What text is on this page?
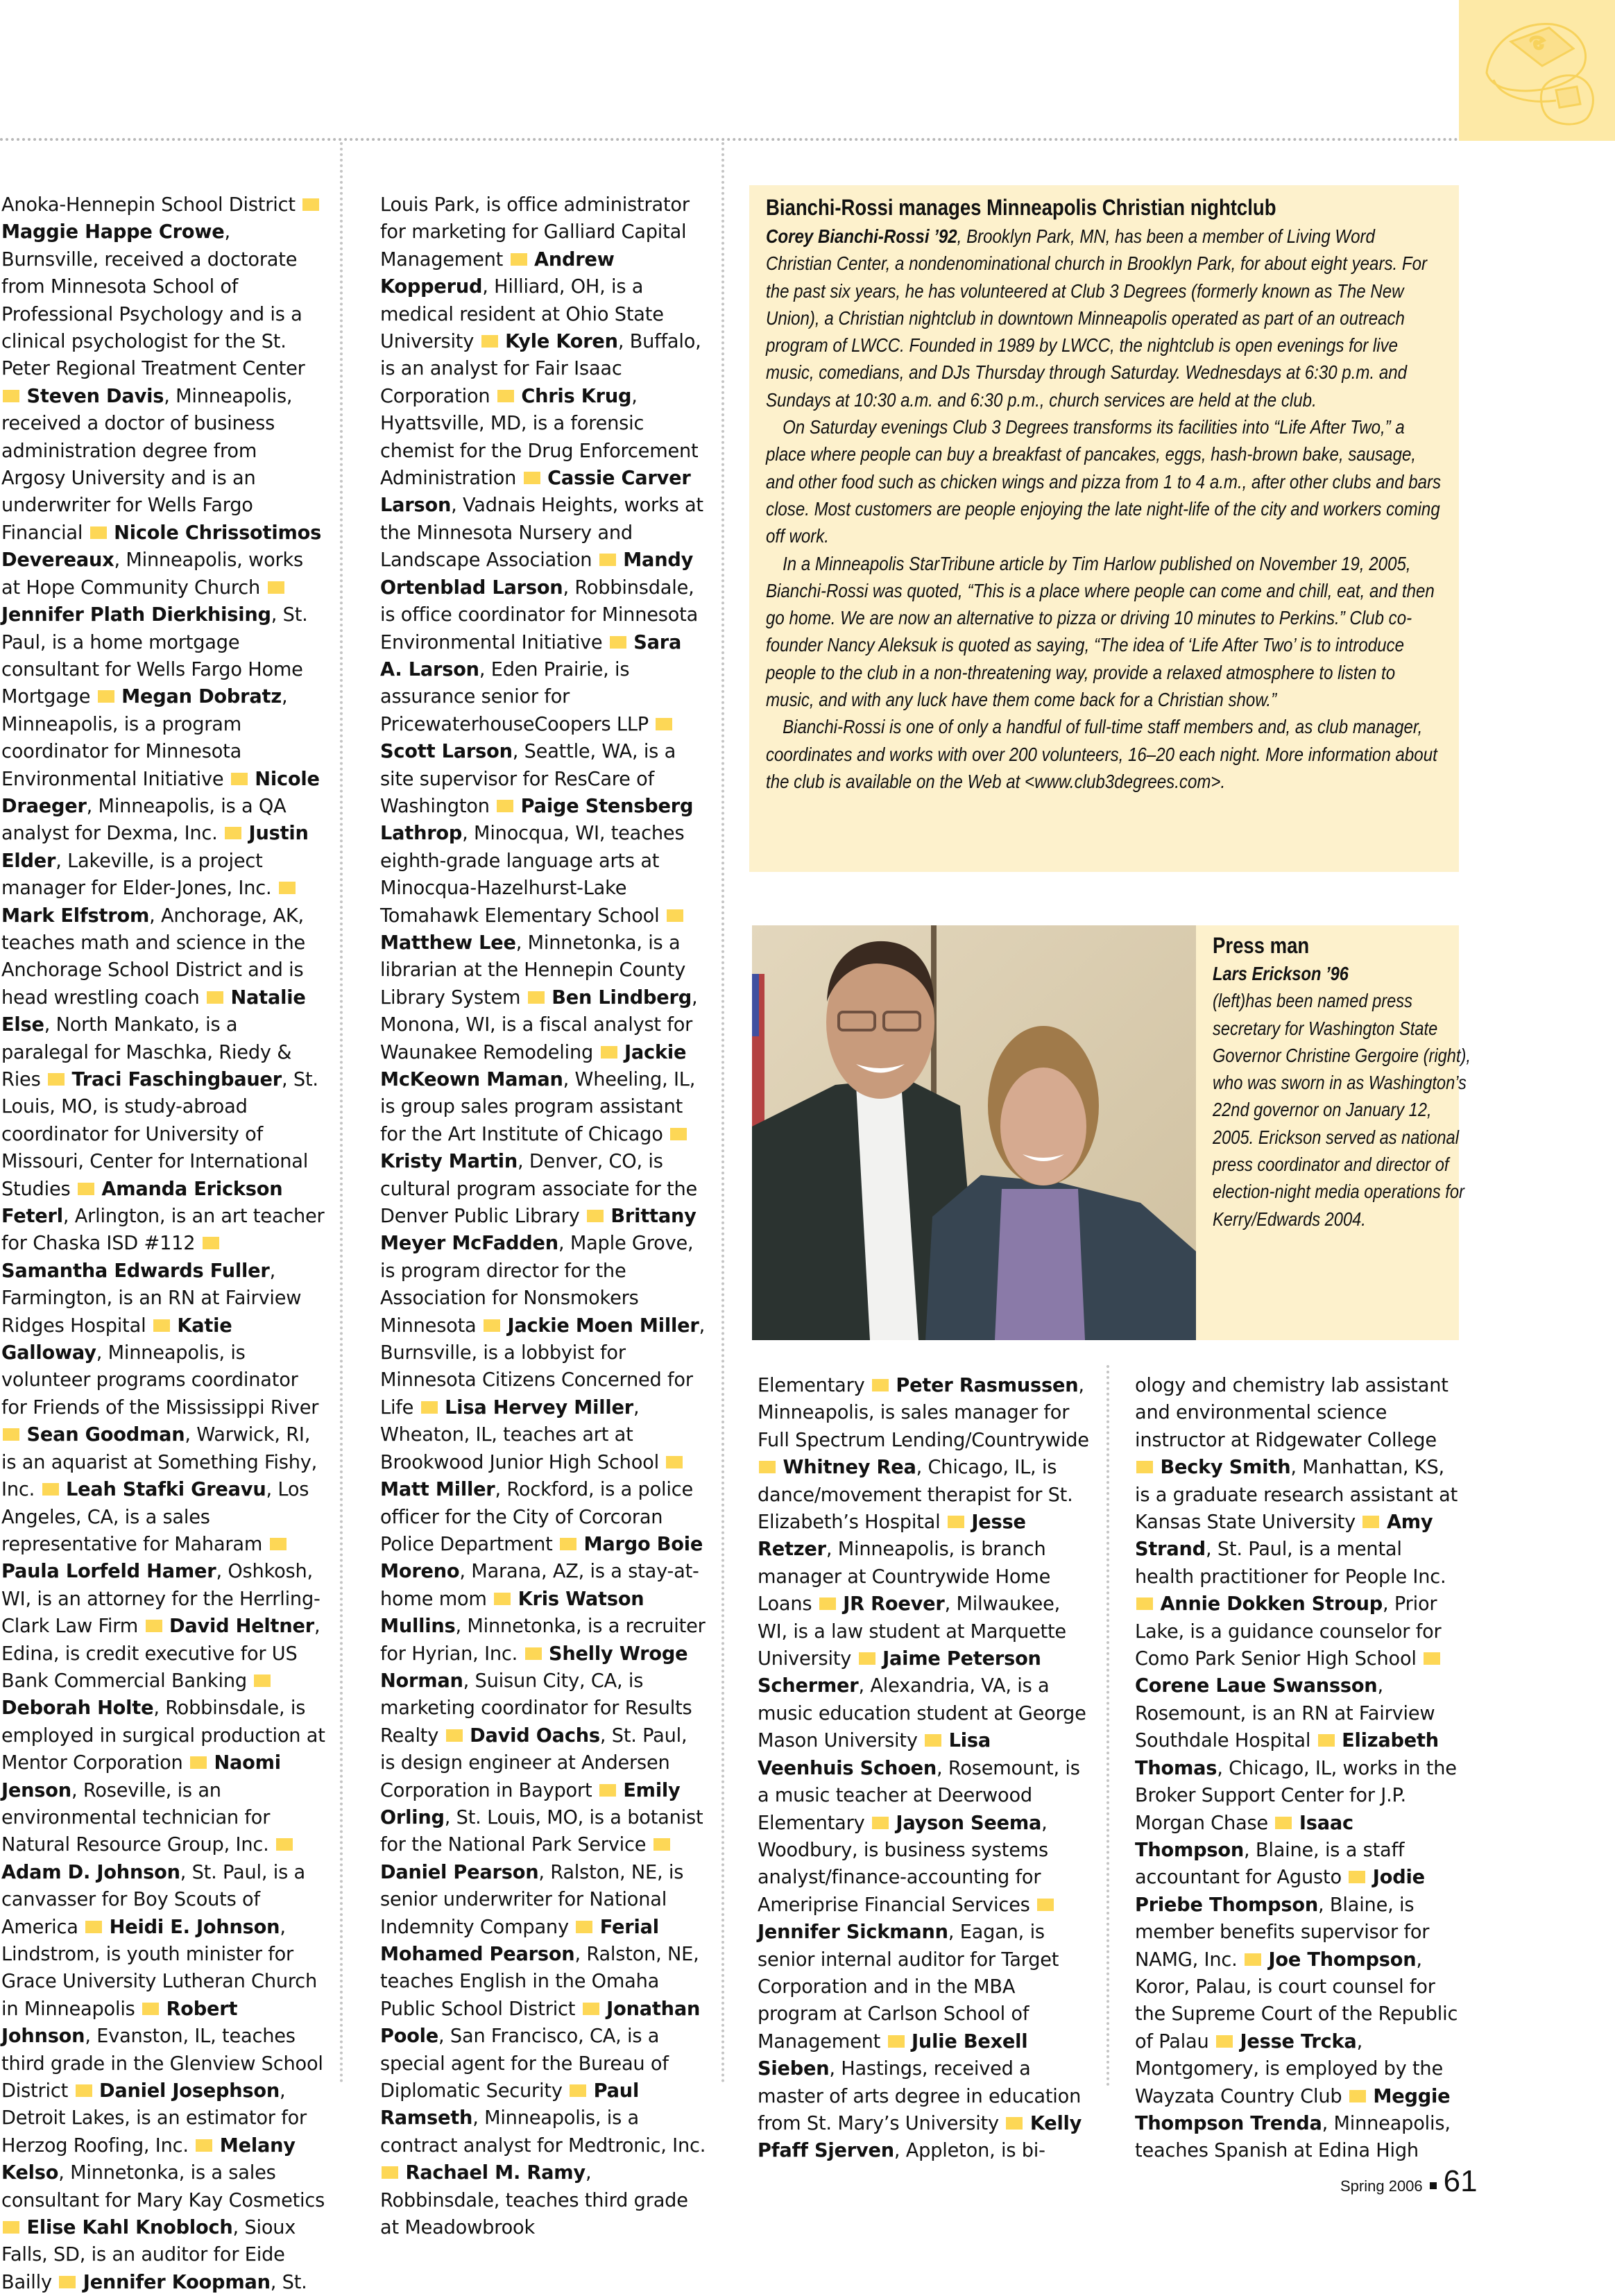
Anoka-Hennepin School District  Maggie Happe Crowe, Burnsville, received a doctorate from Minnesota School of Professional Psychology and is a clinical psychologist for the St. Peter Regional Treatment Center  Steven Davis, Minneapolis, received a doctor of business administration degree from Argosy University and is an underwriter for Wells Fargo Financial Nicole Chrissotimos Devereaux, Minneapolis, works at Hope Community Church  Jennifer Plath Dierkhising, St. Paul, is a home mortgage consultant for Wells Fargo Home Mortgage Megan Dobratz, Minneapolis, is a program coordinator for Minnesota Environmental Initiative Nicole Draeger, Minneapolis, is a QA analyst for Dexma, Inc. Justin Elder, Lakeville, is a project manager for Elder-Jones, Inc.  Mark Elfstrom, Anchorage, AK, teaches math and science in the Anchorage School District and is head wrestling coach Natalie Else, North Mankato, is a paralegal for Maschka, Riedy & Ries Traci Faschingbauer, St. Louis, MO, is study-abroad coordinator for University of Missouri, Center for International Studies Amanda Erickson Feterl, Arlington, is an art teacher for Chaska ISD #112  Samantha Edwards Fuller, Farmington, is an RN at Fairview Ridges Hospital Katie Galloway, Minneapolis, is volunteer programs coordinator for Friends of the Mississippi River  Sean Goodman, Warwick, RI, is an aquarist at Something Fishy, Inc. Leah Stafki Greavu, Los Angeles, CA, is a sales representative for Maharam  Paula Lorfeld Hamer, Oshkosh, WI, is an attorney for the Herrling-Clark Law Firm David Heltner, Edina, is credit executive for US Bank Commercial Banking  Deborah Holte, Robbinsdale, is employed in surgical production at Mentor Corporation Naomi Jenson, Roseville, is an environmental technician for Natural Resource Group, Inc.  Adam D. Johnson, St. Paul, is a canvasser for Boy Scouts of America Heidi E. Johnson, Lindstrom, is youth minister for Grace University Lutheran Church in Minneapolis Robert Johnson, Evanston, IL, teaches third grade in the Glenview School District Daniel Josephson, Detroit Lakes, is an estimator for Herzog Roofing, Inc. Melany Kelso, Minnetonka, is a sales consultant for Mary Kay Cosmetics  Elise Kahl Knobloch, Sioux Falls, SD, is an auditor for Eide Bailly Jennifer Koopman, St.

Louis Park, is office administrator for marketing for Galliard Capital Management Andrew Kopperud, Hilliard, OH, is a medical resident at Ohio State University Kyle Koren, Buffalo, is an analyst for Fair Isaac Corporation Chris Krug, Hyattsville, MD, is a forensic chemist for the Drug Enforcement Administration Cassie Carver Larson, Vadnais Heights, works at the Minnesota Nursery and Landscape Association Mandy Ortenblad Larson, Robbinsdale, is office coordinator for Minnesota Environmental Initiative Sara A. Larson, Eden Prairie, is assurance senior for PricewaterhouseCoopers LLP  Scott Larson, Seattle, WA, is a site supervisor for ResCare of Washington Paige Stensberg Lathrop, Minocqua, WI, teaches eighth-grade language arts at Minocqua-Hazelhurst-Lake Tomahawk Elementary School  Matthew Lee, Minnetonka, is a librarian at the Hennepin County Library System Ben Lindberg, Monona, WI, is a fiscal analyst for Waunakee Remodeling Jackie McKeown Maman, Wheeling, IL, is group sales program assistant for the Art Institute of Chicago  Kristy Martin, Denver, CO, is cultural program associate for the Denver Public Library Brittany Meyer McFadden, Maple Grove, is program director for the Association for Nonsmokers Minnesota Jackie Moen Miller, Burnsville, is a lobbyist for Minnesota Citizens Concerned for Life Lisa Hervey Miller, Wheaton, IL, teaches art at Brookwood Junior High School  Matt Miller, Rockford, is a police officer for the City of Corcoran Police Department Margo Boie Moreno, Marana, AZ, is a stay-at-home mom Kris Watson Mullins, Minnetonka, is a recruiter for Hyrian, Inc. Shelly Wroge Norman, Suisun City, CA, is marketing coordinator for Results Realty David Oachs, St. Paul, is design engineer at Andersen Corporation in Bayport Emily Orling, St. Louis, MO, is a botanist for the National Park Service  Daniel Pearson, Ralston, NE, is senior underwriter for National Indemnity Company Ferial Mohamed Pearson, Ralston, NE, teaches English in the Omaha Public School District Jonathan Poole, San Francisco, CA, is a special agent for the Bureau of Diplomatic Security Paul Ramseth, Minneapolis, is a contract analyst for Medtronic, Inc.  Rachael M. Ramy, Robbinsdale, teaches third grade at Meadowbrook

Elementary Peter Rasmussen, Minneapolis, is sales manager for Full Spectrum Lending/Countrywide  Whitney Rea, Chicago, IL, is dance/movement therapist for St. Elizabeth’s Hospital Jesse Retzer, Minneapolis, is branch manager at Countrywide Home Loans JR Roever, Milwaukee, WI, is a law student at Marquette University Jaime Peterson Schermer, Alexandria, VA, is a music education student at George Mason University Lisa Veenhuis Schoen, Rosemount, is a music teacher at Deerwood Elementary Jayson Seema, Woodbury, is business systems analyst/finance-accounting for Ameriprise Financial Services  Jennifer Sickmann, Eagan, is senior internal auditor for Target Corporation and in the MBA program at Carlson School of Management Julie Bexell Sieben, Hastings, received a master of arts degree in education from St. Mary’s University Kelly Pfaff Sjerven, Appleton, is bi-

ology and chemistry lab assistant and environmental science instructor at Ridgewater College  Becky Smith, Manhattan, KS, is a graduate research assistant at Kansas State University Amy Strand, St. Paul, is a mental health practitioner for People Inc.  Annie Dokken Stroup, Prior Lake, is a guidance counselor for Como Park Senior High School  Corene Laue Swansson, Rosemount, is an RN at Fairview Southdale Hospital Elizabeth Thomas, Chicago, IL, works in the Broker Support Center for J.P. Morgan Chase Isaac Thompson, Blaine, is a staff accountant for Agusto Jodie Priebe Thompson, Blaine, is member benefits supervisor for NAMG, Inc. Joe Thompson, Koror, Palau, is court counsel for the Supreme Court of the Republic of Palau Jesse Trcka, Montgomery, is employed by the Wayzata Country Club Meggie Thompson Trenda, Minneapolis, teaches Spanish at Edina High

Bianchi-Rossi manages Minneapolis Christian nightclub

Corey Bianchi-Rossi ’92, Brooklyn Park, MN, has been a member of Living Word Christian Center, a nondenominational church in Brooklyn Park, for about eight years. For the past six years, he has volunteered at Club 3 Degrees (formerly known as The New Union), a Christian nightclub in downtown Minneapolis operated as part of an outreach program of LWCC. Founded in 1989 by LWCC, the nightclub is open evenings for live music, comedians, and DJs Thursday through Saturday. Wednesdays at 6:30 p.m. and Sundays at 10:30 a.m. and 6:30 p.m., church services are held at the club.

On Saturday evenings Club 3 Degrees transforms its facilities into “Life After Two,” a place where people can buy a breakfast of pancakes, eggs, hash-brown bake, sausage, and other food such as chicken wings and pizza from 1 to 4 a.m., after other clubs and bars close. Most customers are people enjoying the late night-life of the city and workers coming off work.

In a Minneapolis StarTribune article by Tim Harlow published on November 19, 2005, Bianchi-Rossi was quoted, “This is a place where people can come and chill, eat, and then go home. We are now an alternative to pizza or driving 10 minutes to Perkins.” Club co-founder Nancy Aleksuk is quoted as saying, “The idea of ‘Life After Two’ is to introduce people to the club in a non-threatening way, provide a relaxed atmosphere to listen to music, and with any luck have them come back for a Christian show.”

Bianchi-Rossi is one of only a handful of full-time staff members and, as club manager, coordinates and works with over 200 volunteers, 16–20 each night. More information about the club is available on the Web at <www.club3degrees.com>.

Press man
Lars Erickson ’96
(left)has been named press secretary for Washington State Governor Christine Gergoire (right), who was sworn in as Washington’s 22nd governor on January 12, 2005. Erickson served as national press coordinator and director of election-night media operations for Kerry/Edwards 2004.
Spring 2006 61
